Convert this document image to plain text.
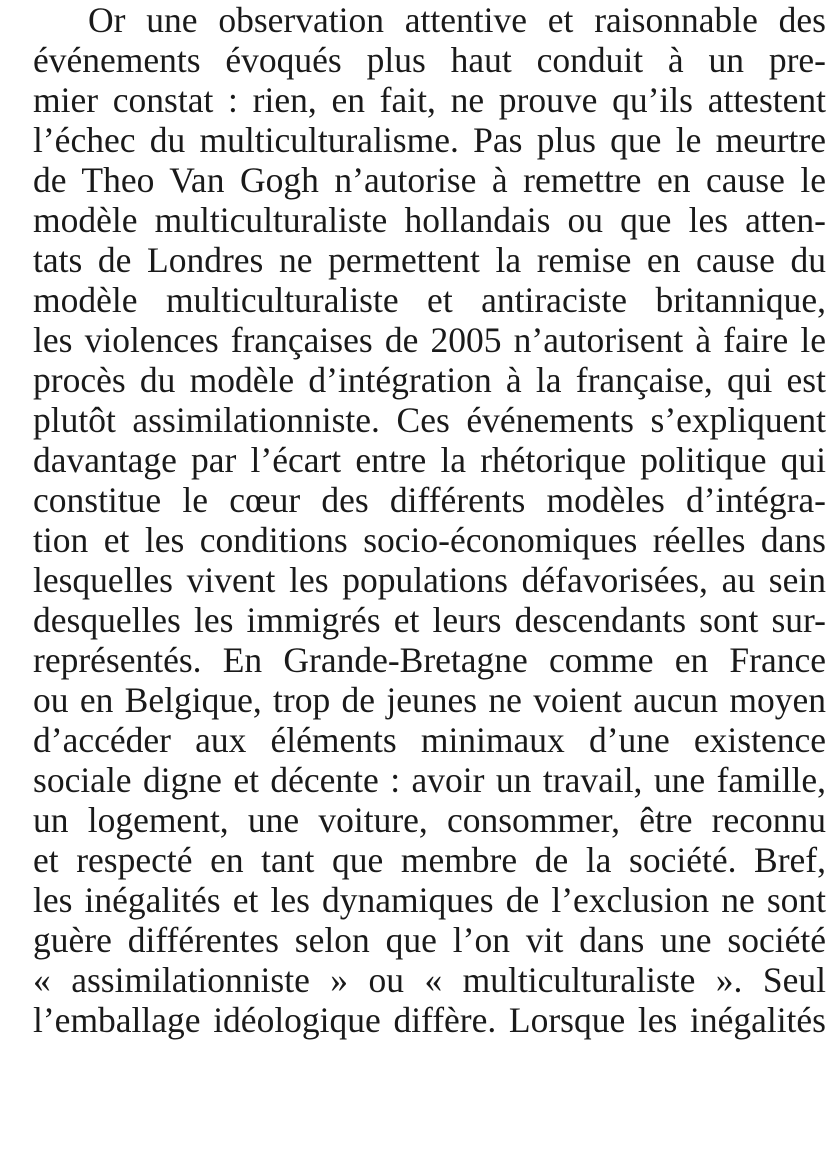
Or une observation attentive et raisonnable des
événements évoqués plus haut conduit à un pre-
mier constat : rien, en fait, ne prouve qu’ils attestent
l’échec du multiculturalisme. Pas plus que le meurtre
de Theo Van Gogh n’autorise à remettre en cause le
modèle multiculturaliste hollandais ou que les atten-
tats de Londres ne permettent la remise en cause du
modèle multiculturaliste et antiraciste britannique,
les violences françaises de 2005 n’autorisent à faire le
procès du modèle d’intégration à la française, qui est
plutôt assimilationniste. Ces événements s’expliquent
davantage par l’écart entre la rhétorique politique qui
constitue le cœur des différents modèles d’intégra-
tion et les conditions socio-économiques réelles dans
lesquelles vivent les populations défavorisées, au sein
desquelles les immigrés et leurs descendants sont sur-
représentés. En Grande-Bretagne comme en France
ou en Belgique, trop de jeunes ne voient aucun moyen
d’accéder aux éléments minimaux d’une existence
sociale digne et décente : avoir un travail, une famille,
un logement, une voiture, consommer, être reconnu
et respecté en tant que membre de la société. Bref,
les inégalités et les dynamiques de l’exclusion ne sont
guère différentes selon que l’on vit dans une société
« assimilationniste » ou « multiculturaliste ». Seul
l’emballage idéologique diffère. Lorsque les inégalités
